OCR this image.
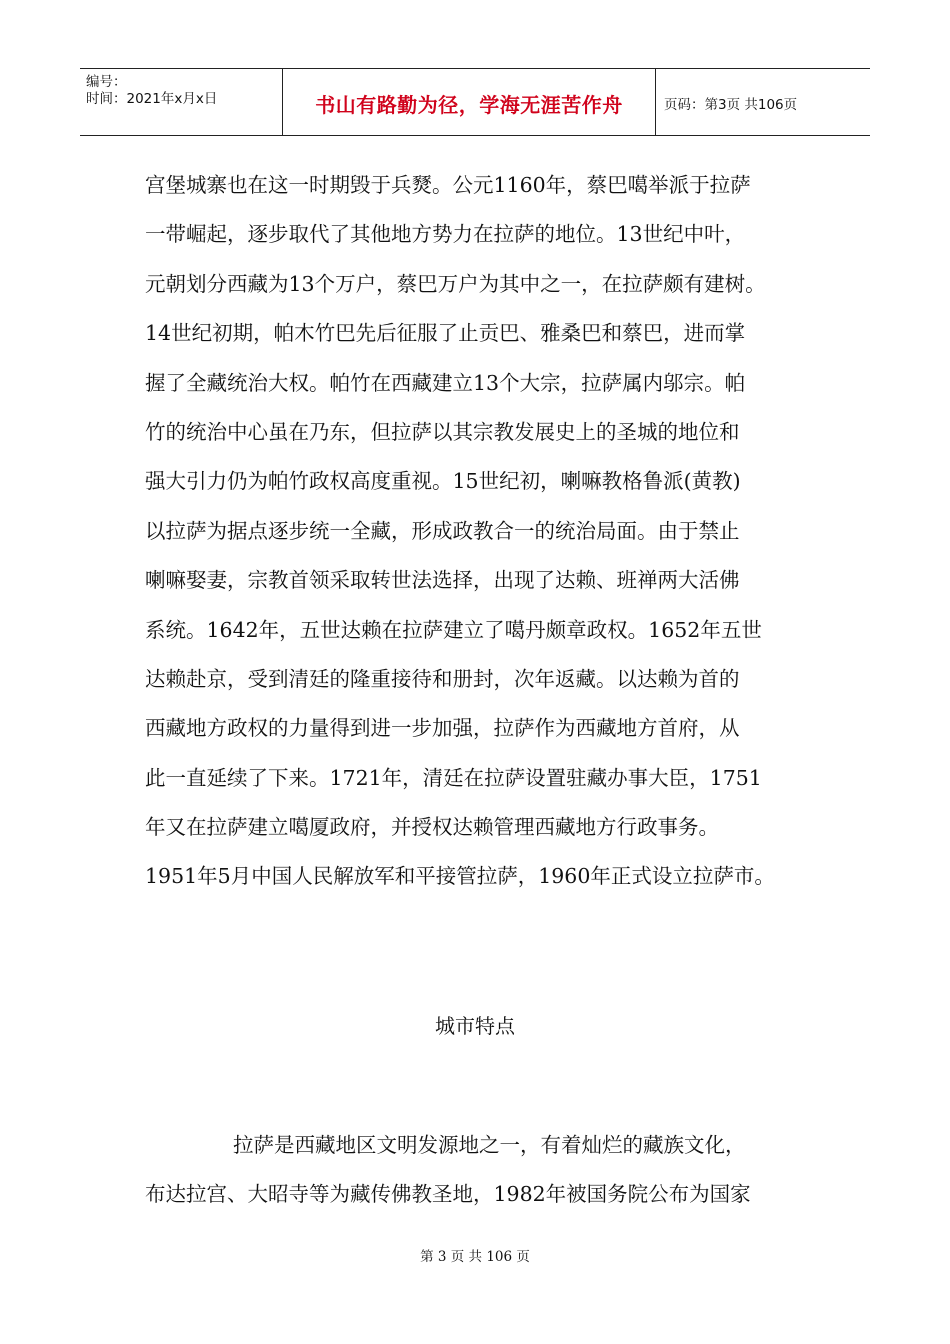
编号：
时间：2021年x月x日	书山有路勤为径，学海无涯苦作舟	页码：第3页 共106页
宫堡城寨也在这一时期毁于兵燹。公元1160年，蔡巴噶举派于拉萨
一带崛起，逐步取代了其他地方势力在拉萨的地位。13世纪中叶，
元朝划分西藏为13个万户，蔡巴万户为其中之一，在拉萨颇有建树。
14世纪初期，帕木竹巴先后征服了止贡巴、雅桑巴和蔡巴，进而掌
握了全藏统治大权。帕竹在西藏建立13个大宗，拉萨属内邬宗。帕
竹的统治中心虽在乃东，但拉萨以其宗教发展史上的圣城的地位和
强大引力仍为帕竹政权高度重视。15世纪初，喇嘛教格鲁派(黄教)
以拉萨为据点逐步统一全藏，形成政教合一的统治局面。由于禁止
喇嘛娶妻，宗教首领采取转世法选择，出现了达赖、班禅两大活佛
系统。1642年，五世达赖在拉萨建立了噶丹颇章政权。1652年五世
达赖赴京，受到清廷的隆重接待和册封，次年返藏。以达赖为首的
西藏地方政权的力量得到进一步加强，拉萨作为西藏地方首府，从
此一直延续了下来。1721年，清廷在拉萨设置驻藏办事大臣，1751
年又在拉萨建立噶厦政府，并授权达赖管理西藏地方行政事务。
1951年5月中国人民解放军和平接管拉萨，1960年正式设立拉萨市。
城市特点
拉萨是西藏地区文明发源地之一，有着灿烂的藏族文化，
布达拉宫、大昭寺等为藏传佛教圣地，1982年被国务院公布为国家
第 3 页 共 106 页
